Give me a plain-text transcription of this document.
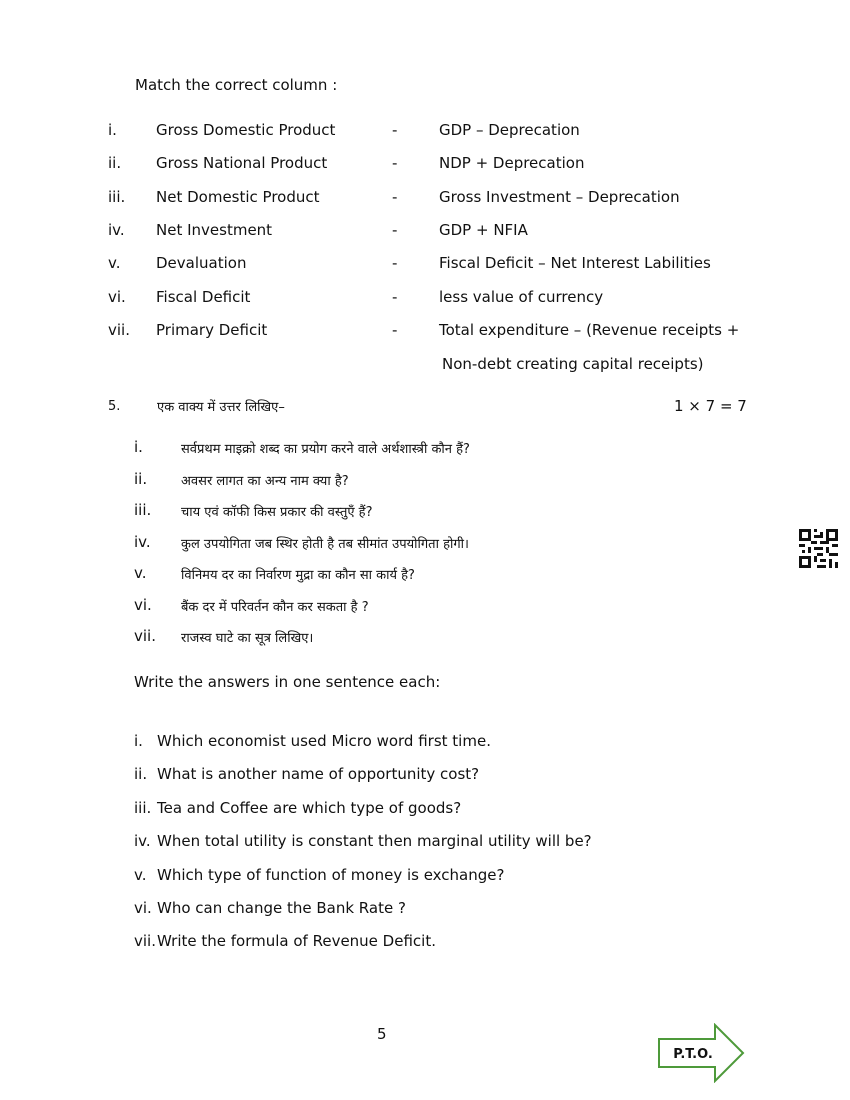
Match the correct column :
i.	Gross Domestic Product	-	GDP – Deprecation
ii. Gross National Product	-	NDP + Deprecation
iii. Net Domestic Product	-	Gross Investment – Deprecation
iv. Net Investment	-	GDP + NFIA
v. Devaluation	-	Fiscal Deficit – Net Interest Labilities
vi. Fiscal Deficit	-	less value of currency
vii. Primary Deficit	-	Total expenditure – (Revenue receipts +
Non-debt creating capital receipts)
5.	एक वाक्य में उत्तर लिखिए–	1 × 7 = 7
i.	सर्वप्रथम माइक्रो शब्द का प्रयोग करने वाले अर्थशास्त्री कौन हैं?
ii.	अवसर लागत का अन्य नाम क्या है?
iii. चाय एवं कॉफी किस प्रकार की वस्तुएँ हैं?
iv. कुल उपयोगिता जब स्थिर होती है तब सीमांत उपयोगिता होगी।
v.	विनिमय दर का निर्वारण मुद्रा का कौन सा कार्य है?
vi. बैंक दर में परिवर्तन कौन कर सकता है ?
vii. राजस्व घाटे का सूत्र लिखिए।
Write the answers in one sentence each:
i. Which economist used Micro word first time.
ii. What is another name of opportunity cost?
iii. Tea and Coffee are which type of goods?
iv. When total utility is constant then marginal utility will be?
v. Which type of function of money is exchange?
vi. Who can change the Bank Rate ?
vii. Write the formula of Revenue Deficit.
5
P.T.O.
